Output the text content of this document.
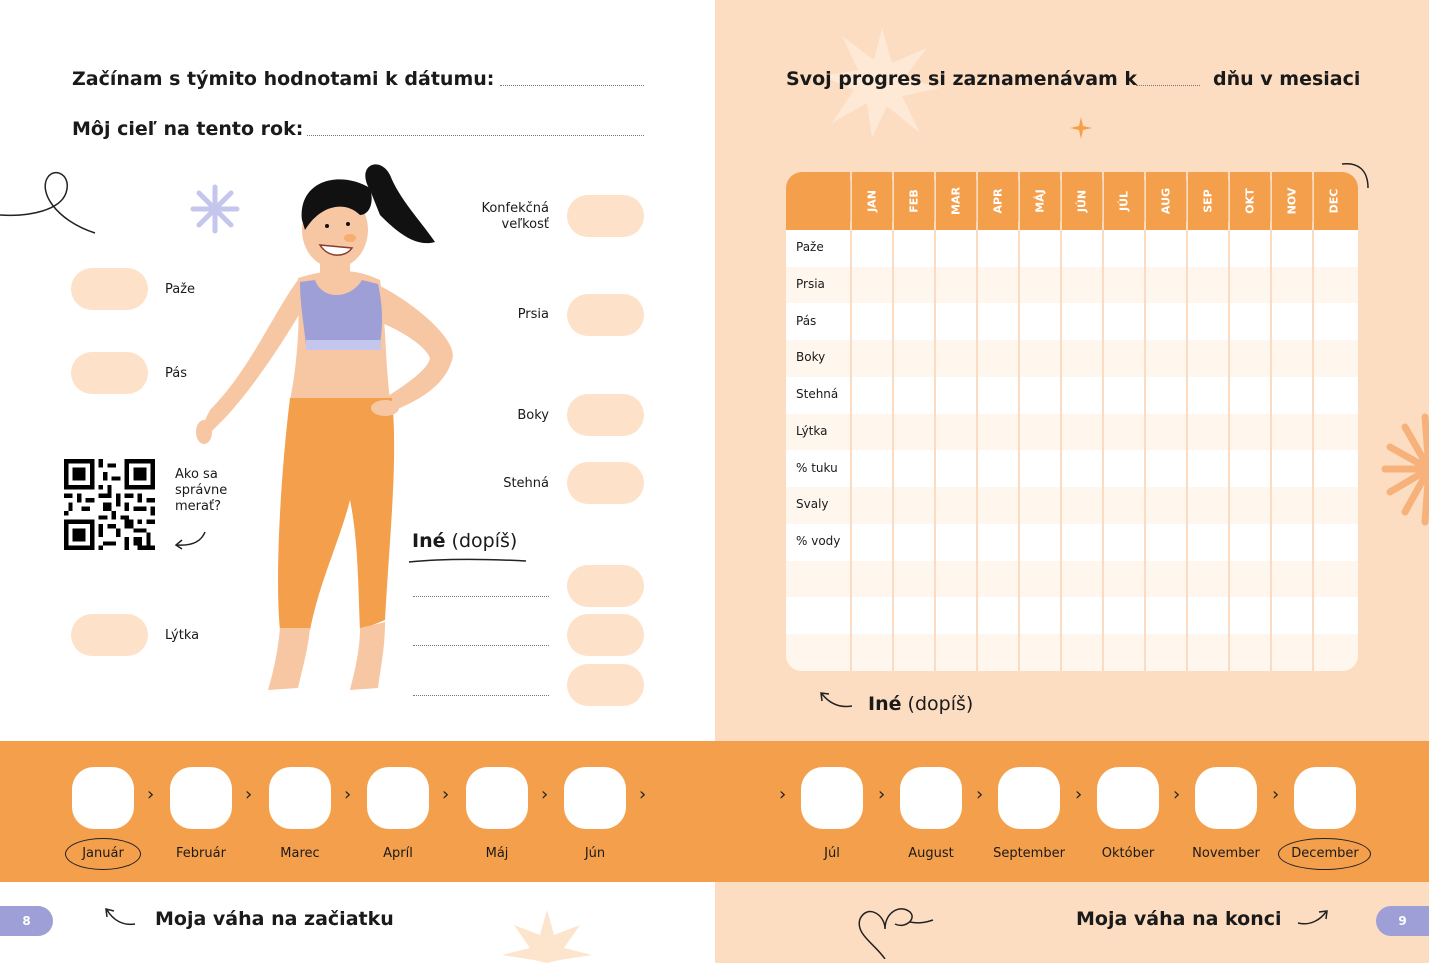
Začínam s týmito hodnotami k dátumu:
Môj cieľ na tento rok:
Paže
Pás
Lýtka
Ako sa
správne
merať?
Konfekčná
veľkosť
Prsia
Boky
Stehná
Iné (dopíš)
Svoj progres si zaznamenávam k	dňu v mesiaci
JAN	FEB	MAR	APR	MÁJ	JÚN	JÚL	AUG	SEP	OKT	NOV	DEC
Paže
Prsia
Pás
Boky
Stehná
Lýtka
% tuku
Svaly
% vody
Iné (dopíš)
Január
›
Február
›
Marec
›
Apríl
›
Máj
›
Jún
›
Júl
›
August
›
September
›
Október
›
November
›
December
›
8	Moja váha na začiatku	9
Moja váha na konci
